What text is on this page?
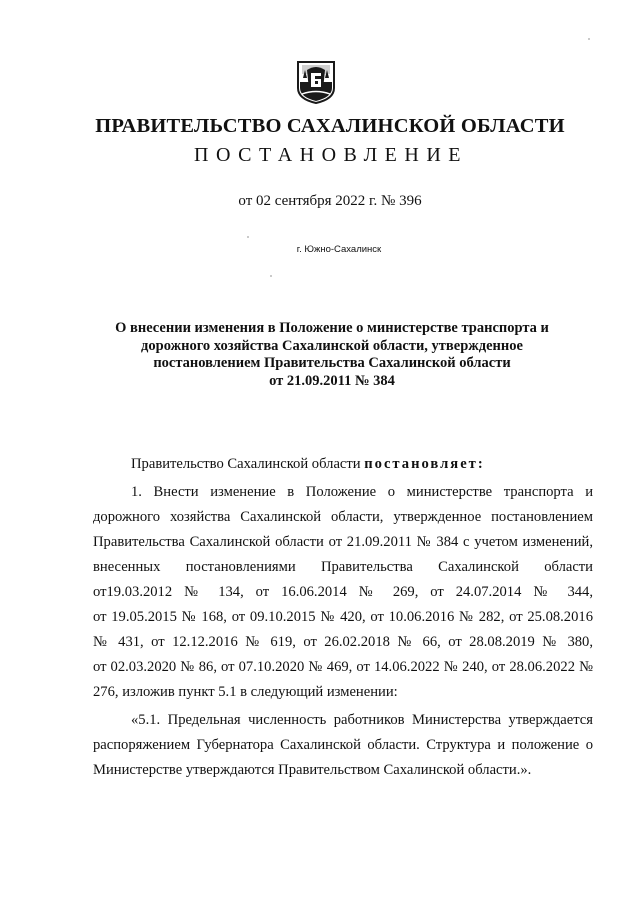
ПРАВИТЕЛЬСТВО САХАЛИНСКОЙ ОБЛАСТИ
ПОСТАНОВЛЕНИЕ
от 02 сентября 2022 г. № 396
г. Южно-Сахалинск
О внесении изменения в Положение о министерстве транспорта и
дорожного хозяйства Сахалинской области, утвержденное
постановлением Правительства Сахалинской области
от 21.09.2011 № 384
Правительство Сахалинской области постановляет:
1. Внести изменение в Положение о министерстве транспорта и
дорожного хозяйства Сахалинской области, утвержденное постановлением
Правительства Сахалинской области от 21.09.2011 № 384 с учетом изменений,
внесенных постановлениями Правительства Сахалинской области
от19.03.2012 № 134, от 16.06.2014 № 269, от 24.07.2014 № 344,
от 19.05.2015 № 168, от 09.10.2015 № 420, от 10.06.2016 № 282, от 25.08.2016
№ 431, от 12.12.2016 № 619, от 26.02.2018 № 66, от 28.08.2019 № 380,
от 02.03.2020 № 86, от 07.10.2020 № 469, от 14.06.2022 № 240, от 28.06.2022 №
276, изложив пункт 5.1 в следующий изменении:
«5.1. Предельная численность работников Министерства утверждается
распоряжением Губернатора Сахалинской области. Структура и положение о
Министерстве утверждаются Правительством Сахалинской области.».
